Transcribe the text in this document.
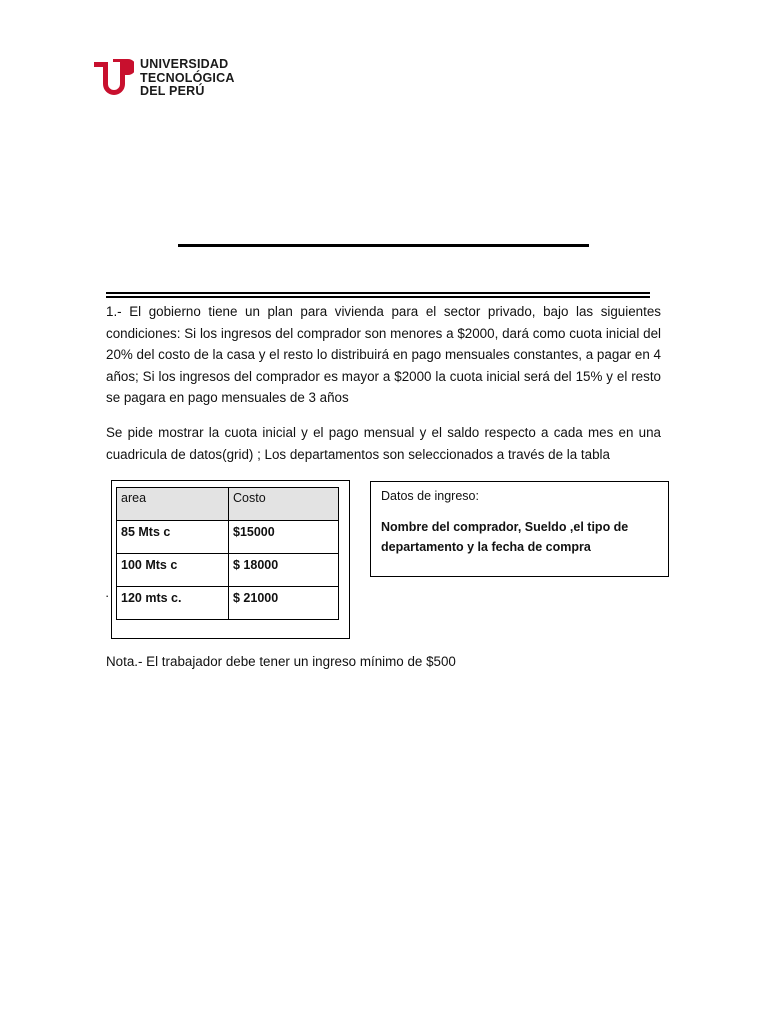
UNIVERSIDAD
TECNOLÓGICA
DEL PERÚ

1.- El gobierno tiene un plan para vivienda para el sector privado, bajo las siguientes condiciones: Si los ingresos del comprador son menores a $2000, dará como cuota inicial del 20% del costo de la casa y el resto lo distribuirá en pago mensuales constantes, a pagar en 4 años; Si los ingresos del comprador es mayor a $2000 la cuota inicial será del 15% y el resto se pagara en pago mensuales de 3 años

Se pide mostrar la cuota inicial y el pago mensual y el saldo respecto a cada mes en una cuadricula de datos(grid) ; Los departamentos son seleccionados a través de la tabla

area	Costo
85 Mts c	$15000
100 Mts c	$ 18000
120 mts c.	$ 21000
·
Datos de ingreso:
Nombre del comprador, Sueldo ,el tipo de departamento y la fecha de compra
Nota.- El trabajador debe tener un ingreso mínimo de $500
